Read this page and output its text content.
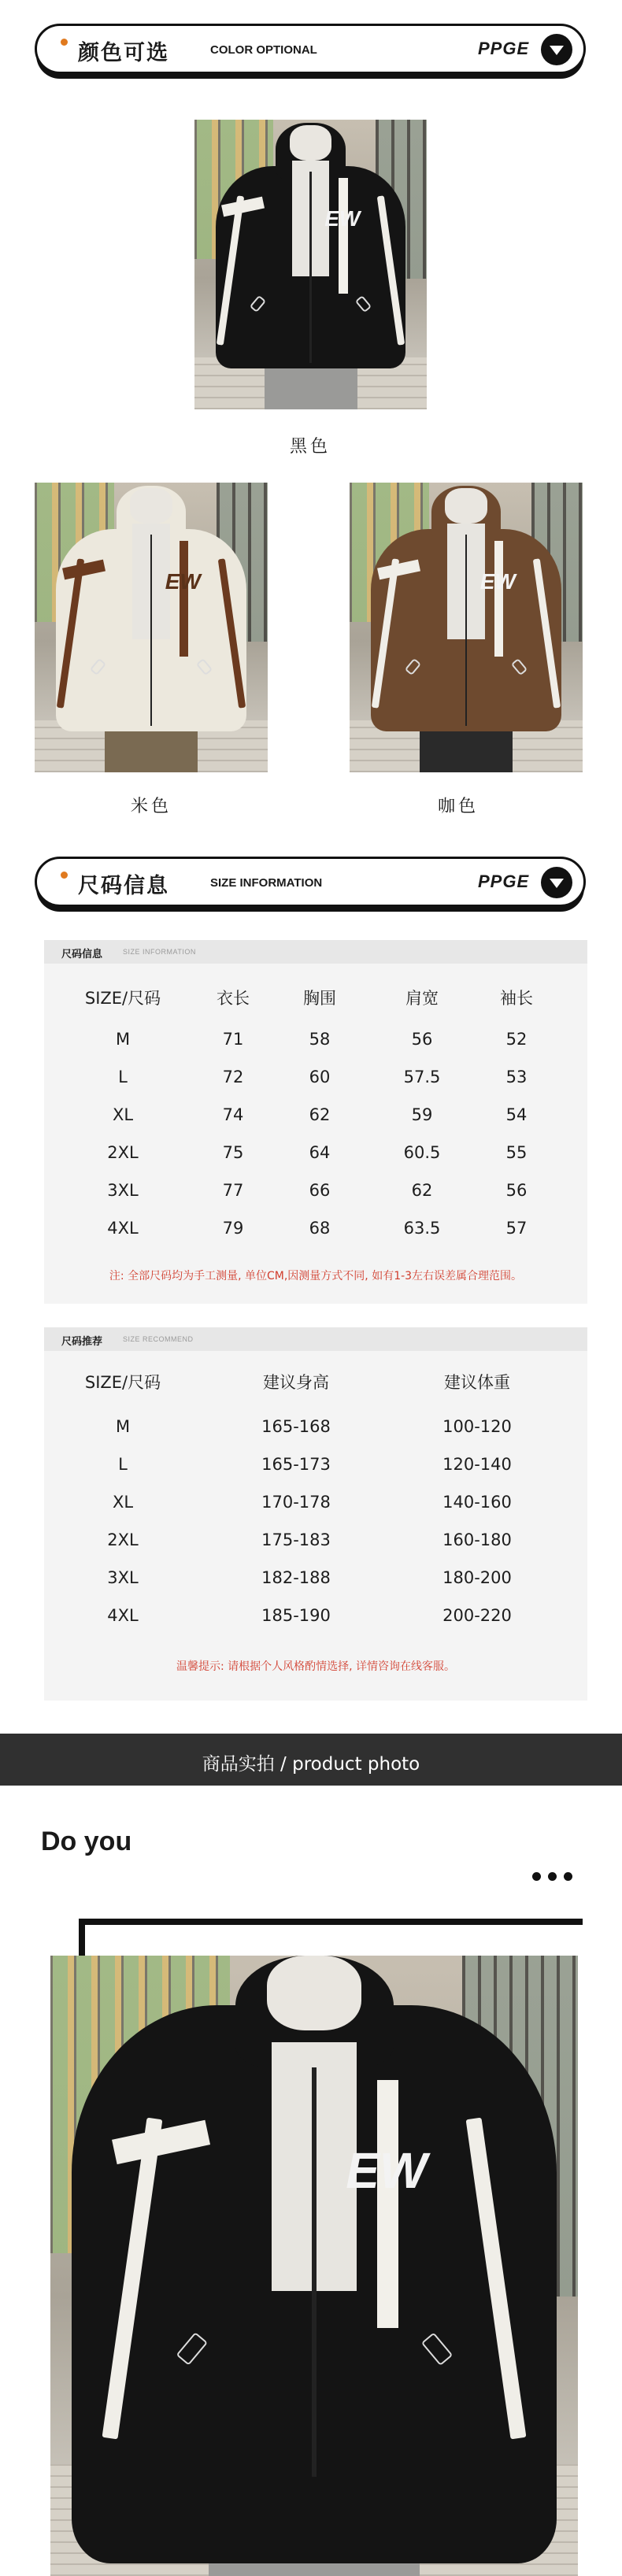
颜色可选	COLOR OPTIONAL	PPGE
EW
黑色
EW
米色
EW
咖色
尺码信息	SIZE INFORMATION	PPGE
尺码信息	SIZE INFORMATION
SIZE/尺码	衣长	胸围	肩宽	袖长
M	71	58	56	52
L	72	60	57.5	53
XL	74	62	59	54
2XL	75	64	60.5	55
3XL	77	66	62	56
4XL	79	68	63.5	57
注: 全部尺码均为手工测量, 单位CM,因测量方式不同, 如有1-3左右误差属合理范围。
尺码推荐	SIZE RECOMMEND
SIZE/尺码	建议身高	建议体重
M	165-168	100-120
L	165-173	120-140
XL	170-178	140-160
2XL	175-183	160-180
3XL	182-188	180-200
4XL	185-190	200-220
温馨提示: 请根据个人风格酌情选择, 详情咨询在线客服。
商品实拍 / product photo
Do you
EW
